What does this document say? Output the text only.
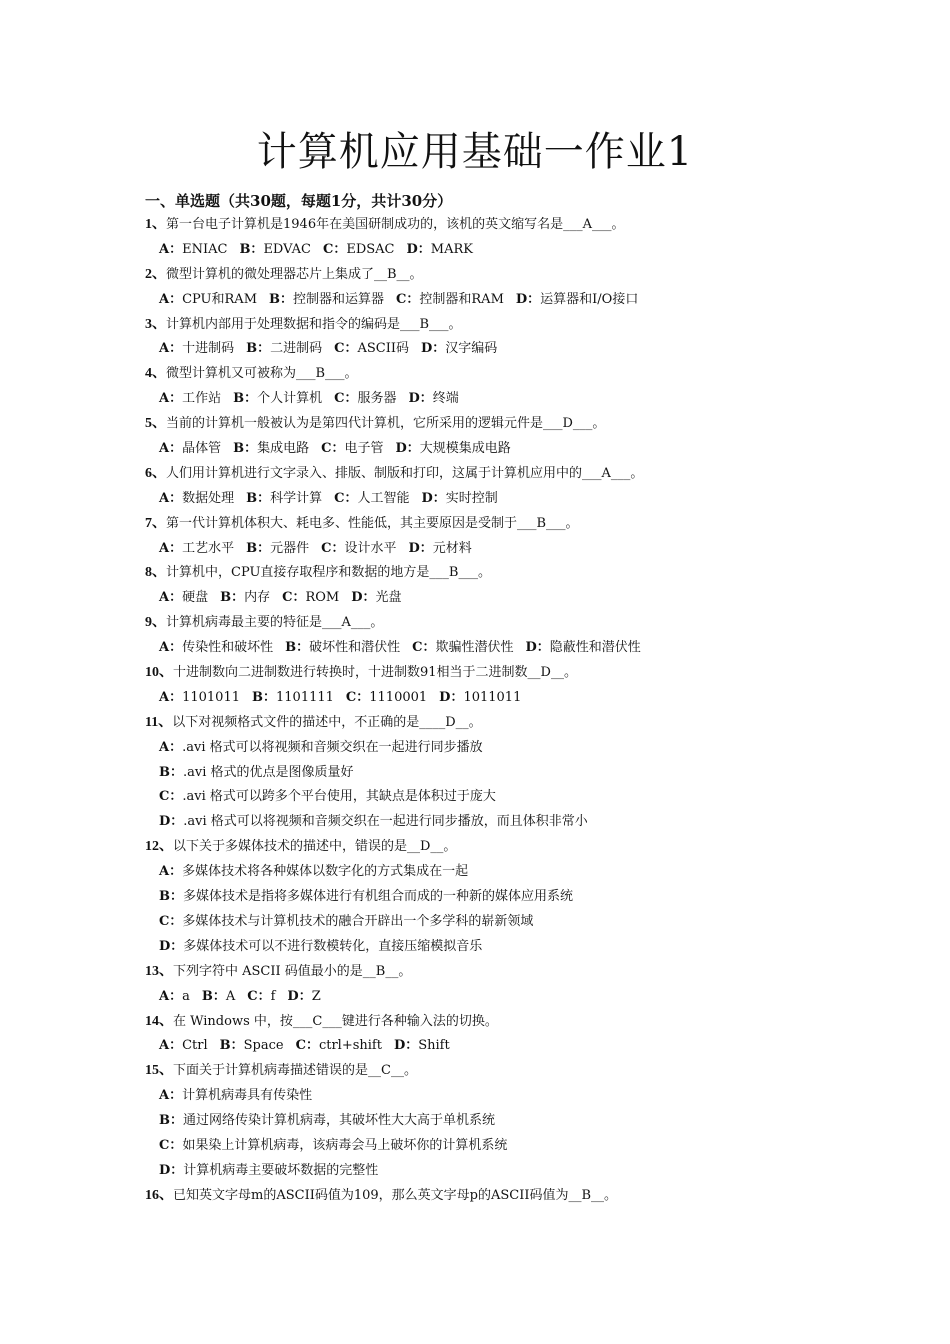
计算机应用基础一作业1
一、单选题（共30题，每题1分，共计30分）
1、第一台电子计算机是1946年在美国研制成功的，该机的英文缩写名是___A___。
A：ENIAC B：EDVAC C：EDSAC D：MARK
2、微型计算机的微处理器芯片上集成了__B__。
A：CPU和RAM B：控制器和运算器 C：控制器和RAM D：运算器和I/O接口
3、计算机内部用于处理数据和指令的编码是___B___。
A：十进制码 B：二进制码 C：ASCII码 D：汉字编码
4、微型计算机又可被称为___B___。
A：工作站 B：个人计算机 C：服务器 D：终端
5、当前的计算机一般被认为是第四代计算机，它所采用的逻辑元件是___D___。
A：晶体管 B：集成电路 C：电子管 D：大规模集成电路
6、人们用计算机进行文字录入、排版、制版和打印，这属于计算机应用中的___A___。
A：数据处理 B：科学计算 C：人工智能 D：实时控制
7、第一代计算机体积大、耗电多、性能低，其主要原因是受制于___B___。
A：工艺水平 B：元器件 C：设计水平 D：元材料
8、计算机中，CPU直接存取程序和数据的地方是___B___。
A：硬盘 B：内存 C：ROM D：光盘
9、计算机病毒最主要的特征是___A___。
A：传染性和破坏性 B：破坏性和潜伏性 C：欺骗性潜伏性 D：隐蔽性和潜伏性
10、十进制数向二进制数进行转换时，十进制数91相当于二进制数__D__。
A：1101011 B：1101111 C：1110001 D：1011011
11、以下对视频格式文件的描述中，不正确的是____D__。
A：.avi 格式可以将视频和音频交织在一起进行同步播放
B：.avi 格式的优点是图像质量好
C：.avi 格式可以跨多个平台使用，其缺点是体积过于庞大
D：.avi 格式可以将视频和音频交织在一起进行同步播放，而且体积非常小
12、以下关于多媒体技术的描述中，错误的是__D__。
A：多媒体技术将各种媒体以数字化的方式集成在一起
B：多媒体技术是指将多媒体进行有机组合而成的一种新的媒体应用系统
C：多媒体技术与计算机技术的融合开辟出一个多学科的崭新领域
D：多媒体技术可以不进行数模转化，直接压缩模拟音乐
13、下列字符中 ASCII 码值最小的是__B__。
A：a B：A C：f D：Z
14、在 Windows 中，按___C___键进行各种输入法的切换。
A：Ctrl B：Space C：ctrl+shift D：Shift
15、下面关于计算机病毒描述错误的是__C__。
A：计算机病毒具有传染性
B：通过网络传染计算机病毒，其破坏性大大高于单机系统
C：如果染上计算机病毒，该病毒会马上破坏你的计算机系统
D：计算机病毒主要破坏数据的完整性
16、已知英文字母m的ASCII码值为109，那么英文字母p的ASCII码值为__B__。
